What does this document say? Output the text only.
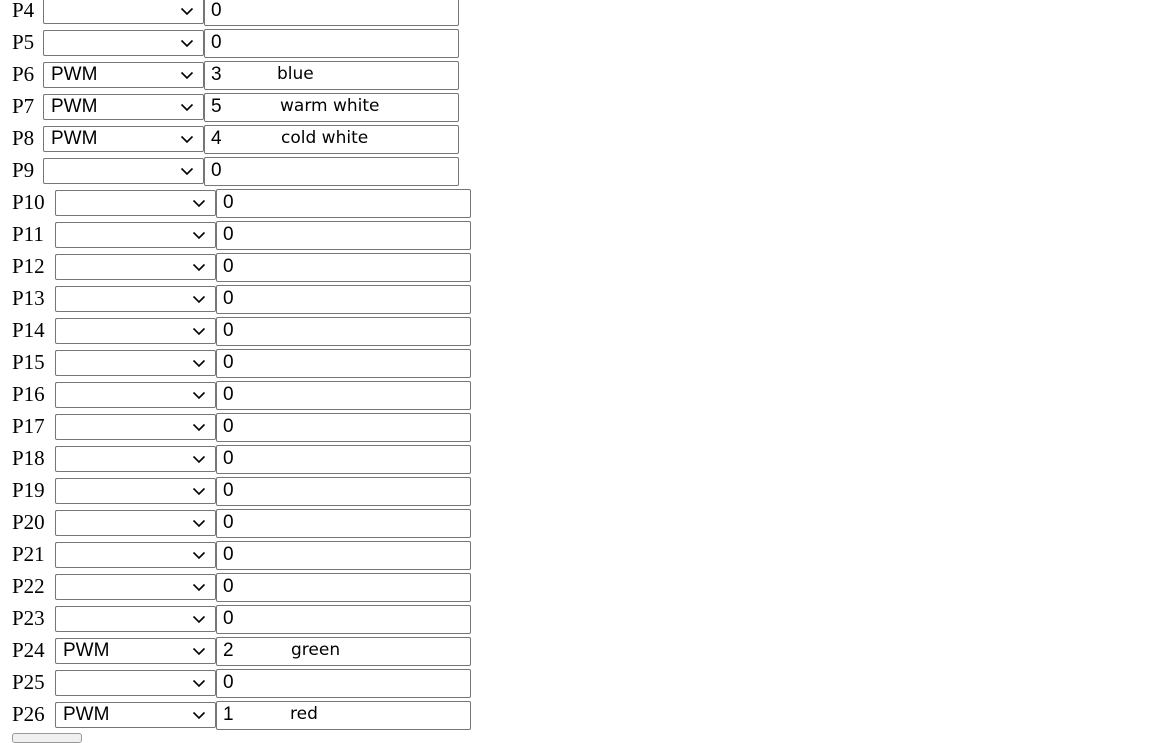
P4	0
P5	0
P6 PWM	3	blue
P7 PWM	5	warm white
P8 PWM	4	cold white
P9	0
P10	0
P11	0
P12	0
P13	0
P14	0
P15	0
P16	0
P17	0
P18	0
P19	0
P20	0
P21	0
P22	0
P23	0
P24 PWM	2	green
P25	0
P26 PWM	1	red
